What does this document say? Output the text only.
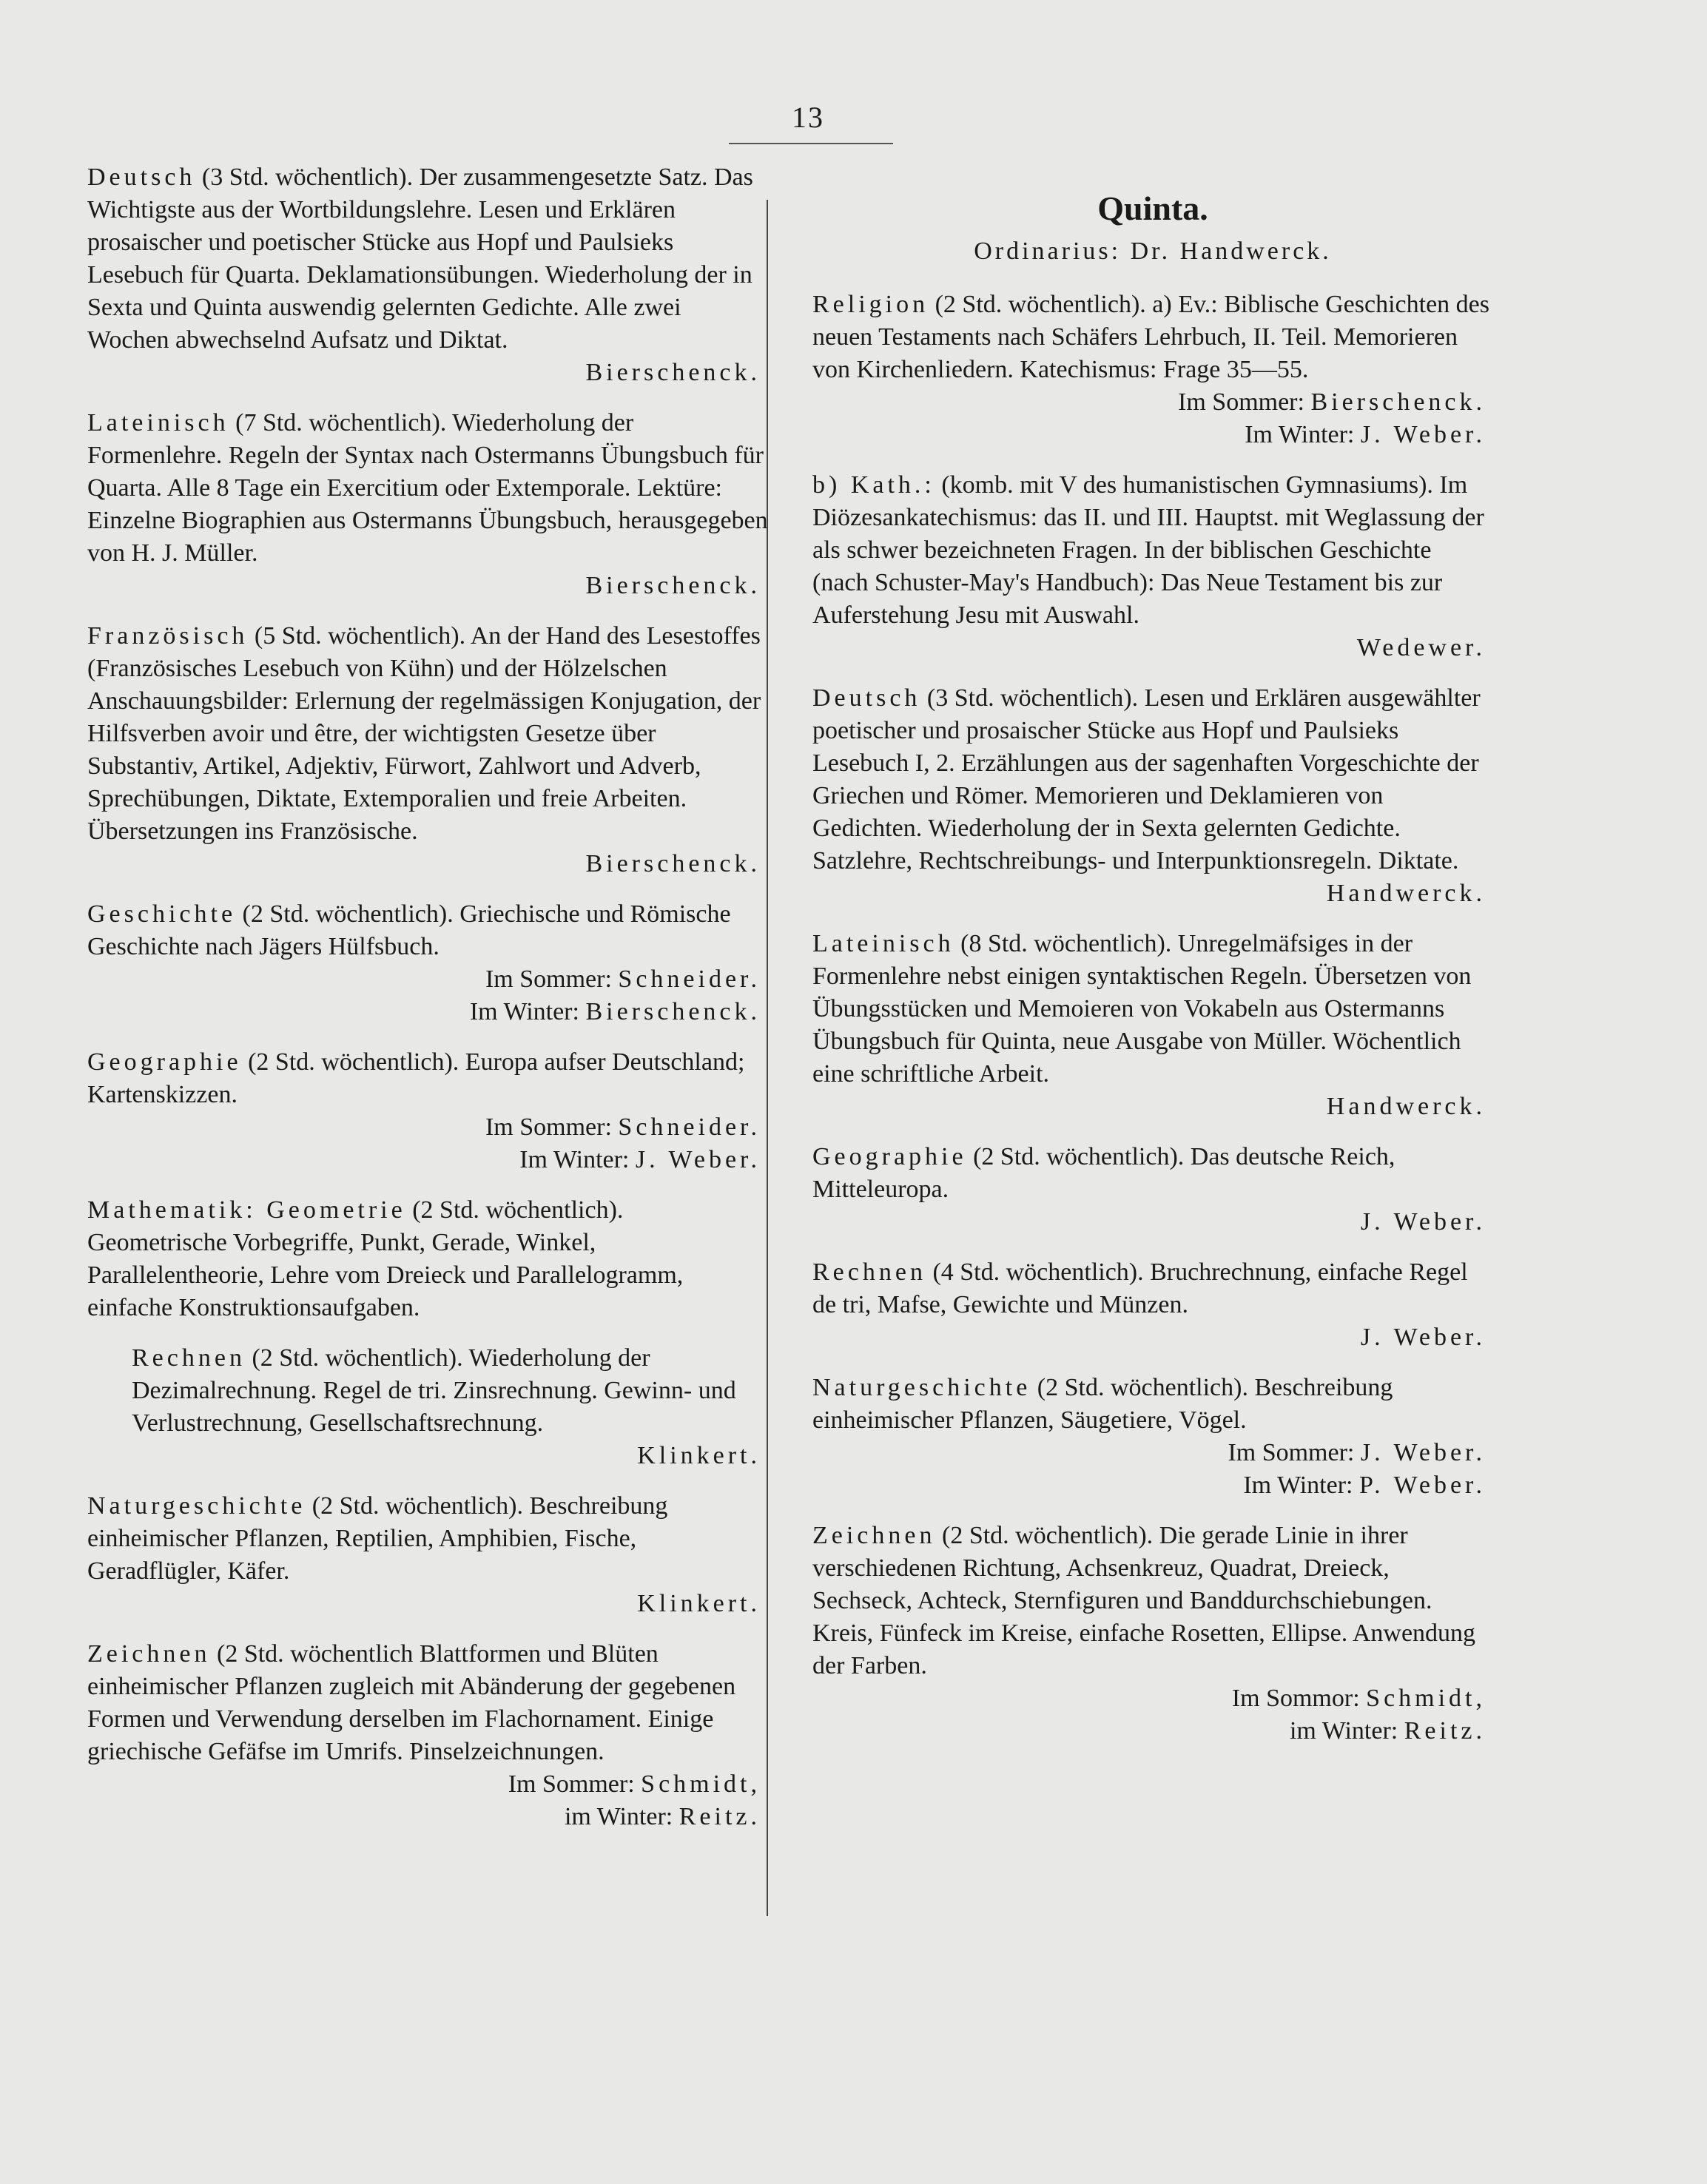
13
Deutsch (3 Std. wöchentlich). Der zusammengesetzte Satz. Das Wichtigste aus der Wortbildungslehre. Lesen und Erklären prosaischer und poetischer Stücke aus Hopf und Paulsieks Lesebuch für Quarta. Deklamationsübungen. Wiederholung der in Sexta und Quinta auswendig gelernten Gedichte. Alle zwei Wochen abwechselnd Aufsatz und Diktat.
Bierschenck.
Lateinisch (7 Std. wöchentlich). Wiederholung der Formenlehre. Regeln der Syntax nach Ostermanns Übungsbuch für Quarta. Alle 8 Tage ein Exercitium oder Extemporale. Lektüre: Einzelne Biographien aus Ostermanns Übungsbuch, herausgegeben von H. J. Müller.
Bierschenck.
Französisch (5 Std. wöchentlich). An der Hand des Lesestoffes (Französisches Lesebuch von Kühn) und der Hölzelschen Anschauungsbilder: Erlernung der regelmässigen Konjugation, der Hilfsverben avoir und être, der wichtigsten Gesetze über Substantiv, Artikel, Adjektiv, Fürwort, Zahlwort und Adverb, Sprechübungen, Diktate, Extemporalien und freie Arbeiten. Übersetzungen ins Französische.
Bierschenck.
Geschichte (2 Std. wöchentlich). Griechische und Römische Geschichte nach Jägers Hülfsbuch.
Im Sommer: Schneider.
Im Winter: Bierschenck.
Geographie (2 Std. wöchentlich). Europa aufser Deutschland; Kartenskizzen.
Im Sommer: Schneider.
Im Winter: J. Weber.
Mathematik: Geometrie (2 Std. wöchentlich). Geometrische Vorbegriffe, Punkt, Gerade, Winkel, Parallelentheorie, Lehre vom Dreieck und Parallelogramm, einfache Konstruktionsaufgaben.
Rechnen (2 Std. wöchentlich). Wiederholung der Dezimalrechnung. Regel de tri. Zinsrechnung. Gewinn- und Verlustrechnung, Gesellschaftsrechnung.
Klinkert.
Naturgeschichte (2 Std. wöchentlich). Beschreibung einheimischer Pflanzen, Reptilien, Amphibien, Fische, Geradflügler, Käfer.
Klinkert.
Zeichnen (2 Std. wöchentlich Blattformen und Blüten einheimischer Pflanzen zugleich mit Abänderung der gegebenen Formen und Verwendung derselben im Flachornament. Einige griechische Gefäfse im Umrifs. Pinselzeichnungen.
Im Sommer: Schmidt,
im Winter: Reitz.
Quinta.
Ordinarius: Dr. Handwerck.
Religion (2 Std. wöchentlich). a) Ev.: Biblische Geschichten des neuen Testaments nach Schäfers Lehrbuch, II. Teil. Memorieren von Kirchenliedern. Katechismus: Frage 35—55.
Im Sommer: Bierschenck.
Im Winter: J. Weber.
b) Kath.: (komb. mit V des humanistischen Gymnasiums). Im Diözesankatechismus: das II. und III. Hauptst. mit Weglassung der als schwer bezeichneten Fragen. In der biblischen Geschichte (nach Schuster-May's Handbuch): Das Neue Testament bis zur Auferstehung Jesu mit Auswahl.
Wedewer.
Deutsch (3 Std. wöchentlich). Lesen und Erklären ausgewählter poetischer und prosaischer Stücke aus Hopf und Paulsieks Lesebuch I, 2. Erzählungen aus der sagenhaften Vorgeschichte der Griechen und Römer. Memorieren und Deklamieren von Gedichten. Wiederholung der in Sexta gelernten Gedichte. Satzlehre, Rechtschreibungs- und Interpunktionsregeln. Diktate.
Handwerck.
Lateinisch (8 Std. wöchentlich). Unregelmäfsiges in der Formenlehre nebst einigen syntaktischen Regeln. Übersetzen von Übungsstücken und Memoieren von Vokabeln aus Ostermanns Übungsbuch für Quinta, neue Ausgabe von Müller. Wöchentlich eine schriftliche Arbeit.
Handwerck.
Geographie (2 Std. wöchentlich). Das deutsche Reich, Mitteleuropa.
J. Weber.
Rechnen (4 Std. wöchentlich). Bruchrechnung, einfache Regel de tri, Mafse, Gewichte und Münzen.
J. Weber.
Naturgeschichte (2 Std. wöchentlich). Beschreibung einheimischer Pflanzen, Säugetiere, Vögel.
Im Sommer: J. Weber.
Im Winter: P. Weber.
Zeichnen (2 Std. wöchentlich). Die gerade Linie in ihrer verschiedenen Richtung, Achsenkreuz, Quadrat, Dreieck, Sechseck, Achteck, Sternfiguren und Banddurchschiebungen. Kreis, Fünfeck im Kreise, einfache Rosetten, Ellipse. Anwendung der Farben.
Im Sommor: Schmidt,
im Winter: Reitz.
